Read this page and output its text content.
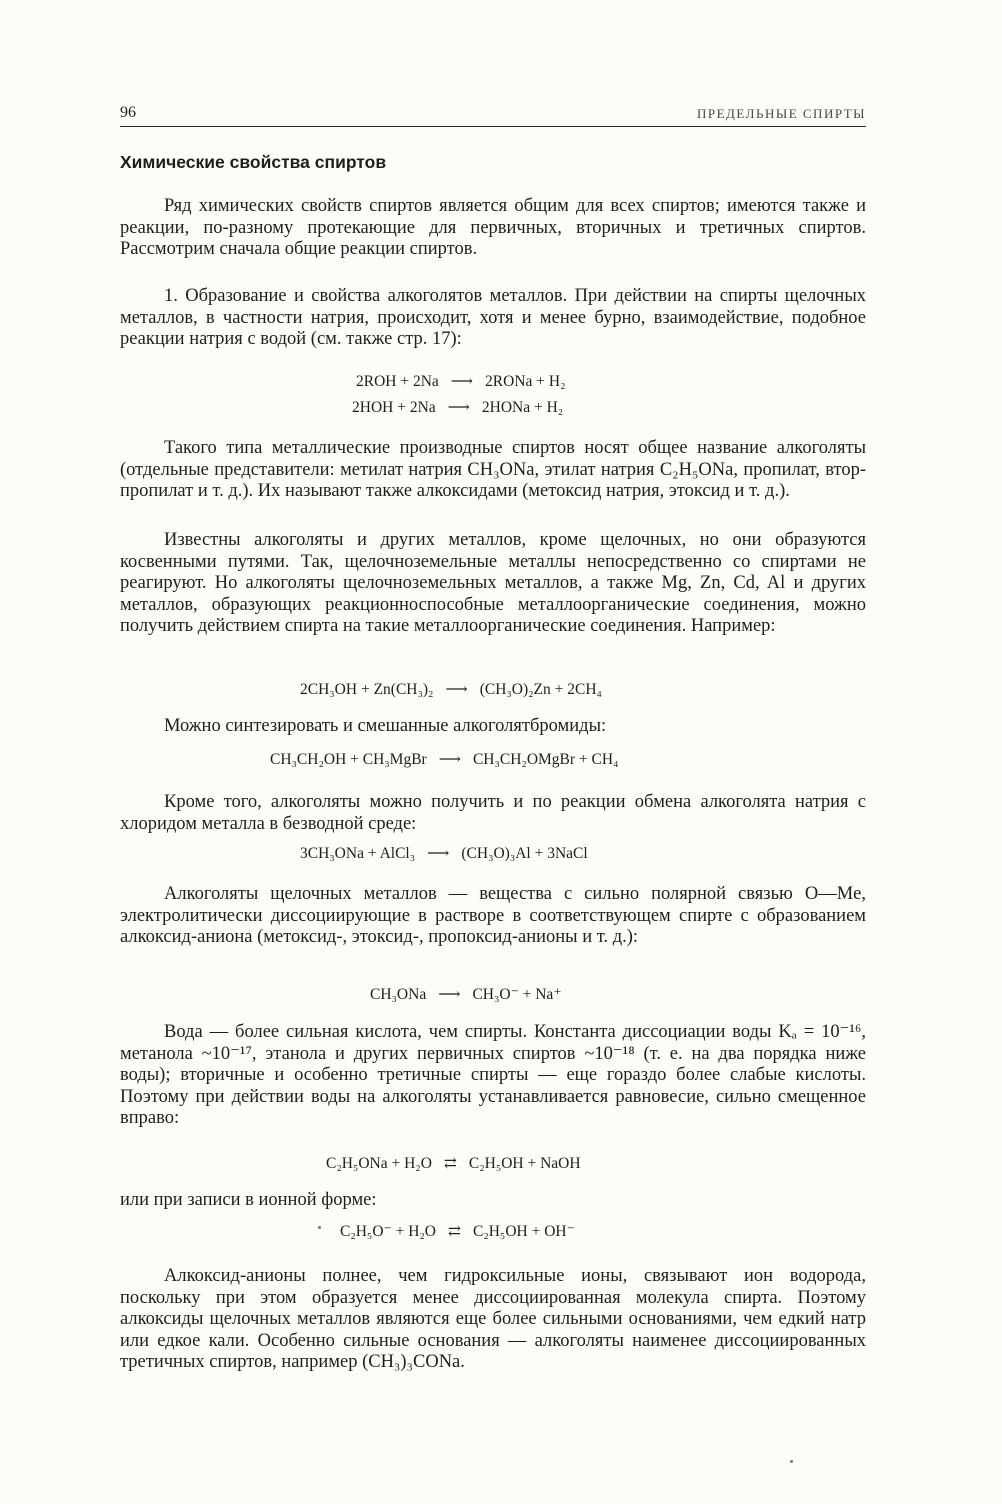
96	ПРЕДЕЛЬНЫЕ СПИРТЫ
Химические свойства спиртов
Ряд химических свойств спиртов является общим для всех спиртов; имеются также и реакции, по-разному протекающие для первичных, вторичных и третичных спиртов. Рассмотрим сначала общие реакции спиртов.
1. Образование и свойства алкоголятов металлов. При действии на спирты щелочных металлов, в частности натрия, происходит, хотя и менее бурно, взаимодействие, подобное реакции натрия с водой (см. также стр. 17):
2ROH + 2Na ⟶ 2RONa + H₂
2HOH + 2Na ⟶ 2HONa + H₂
Такого типа металлические производные спиртов носят общее название алкоголяты (отдельные представители: метилат натрия CH₃ONa, этилат натрия C₂H₅ONa, пропилат, втор-пропилат и т. д.). Их называют также алкоксидами (метоксид натрия, этоксид и т. д.).
Известны алкоголяты и других металлов, кроме щелочных, но они образуются косвенными путями. Так, щелочноземельные металлы непосредственно со спиртами не реагируют. Но алкоголяты щелочноземельных металлов, а также Mg, Zn, Cd, Al и других металлов, образующих реакционноспособные металлоорганические соединения, можно получить действием спирта на такие металлоорганические соединения. Например:
2CH₃OH + Zn(CH₃)₂ ⟶ (CH₃O)₂Zn + 2CH₄
Можно синтезировать и смешанные алкоголятбромиды:
CH₃CH₂OH + CH₃MgBr ⟶ CH₃CH₂OMgBr + CH₄
Кроме того, алкоголяты можно получить и по реакции обмена алкоголята натрия с хлоридом металла в безводной среде:
3CH₃ONa + AlCl₃ ⟶ (CH₃O)₃Al + 3NaCl
Алкоголяты щелочных металлов — вещества с сильно полярной связью O—Me, электролитически диссоциирующие в растворе в соответствующем спирте с образованием алкоксид-аниона (метоксид-, этоксид-, пропоксид-анионы и т. д.):
CH₃ONa ⟶ CH₃O⁻ + Na⁺
Вода — более сильная кислота, чем спирты. Константа диссоциации воды Kₐ = 10⁻¹⁶, метанола ~10⁻¹⁷, этанола и других первичных спиртов ~10⁻¹⁸ (т. е. на два порядка ниже воды); вторичные и особенно третичные спирты — еще гораздо более слабые кислоты. Поэтому при действии воды на алкоголяты устанавливается равновесие, сильно смещенное вправо:
C₂H₅ONa + H₂O ⇄ C₂H₅OH + NaOH
или при записи в ионной форме:
C₂H₅O⁻ + H₂O ⇄ C₂H₅OH + OH⁻
Алкоксид-анионы полнее, чем гидроксильные ионы, связывают ион водорода, поскольку при этом образуется менее диссоциированная молекула спирта. Поэтому алкоксиды щелочных металлов являются еще более сильными основаниями, чем едкий натр или едкое кали. Особенно сильные основания — алкоголяты наименее диссоциированных третичных спиртов, например (CH₃)₃CONa.
